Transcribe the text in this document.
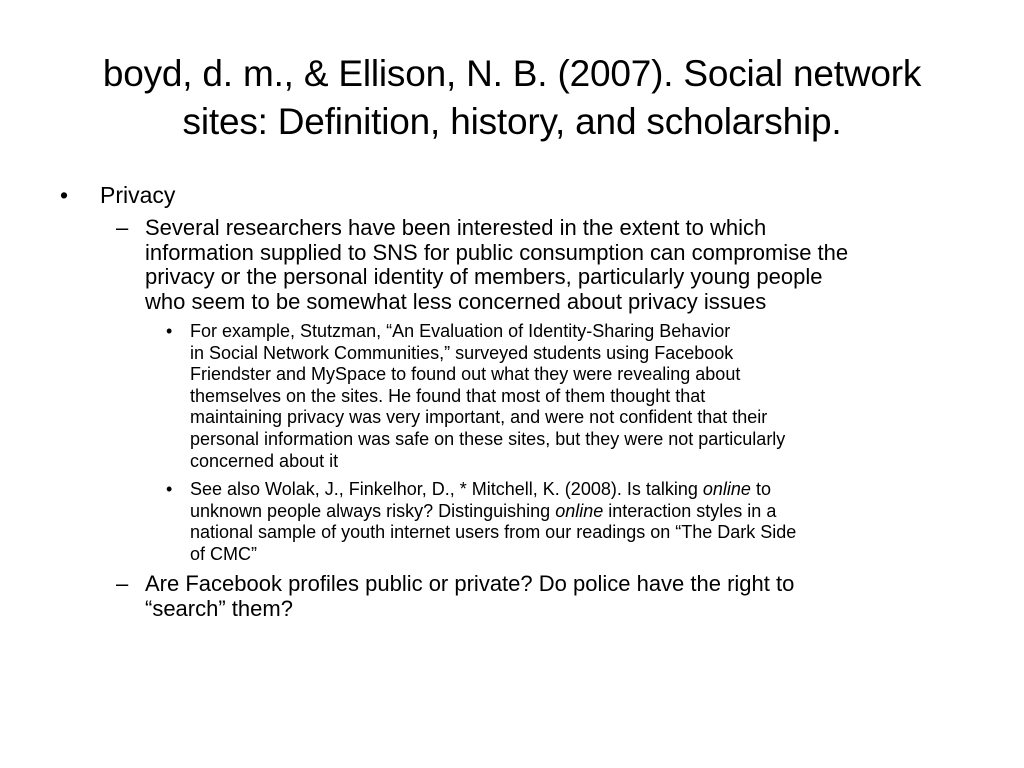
boyd, d. m., & Ellison, N. B. (2007). Social network
sites: Definition, history, and scholarship.
• Privacy
– Several researchers have been interested in the extent to which
information supplied to SNS for public consumption can compromise the
privacy or the personal identity of members, particularly young people
who seem to be somewhat less concerned about privacy issues
• For example, Stutzman, “An Evaluation of Identity-Sharing Behavior
in Social Network Communities,” surveyed students using Facebook
Friendster and MySpace to found out what they were revealing about
themselves on the sites. He found that most of them thought that
maintaining privacy was very important, and were not confident that their
personal information was safe on these sites, but they were not particularly
concerned about it
• See also Wolak, J., Finkelhor, D., * Mitchell, K. (2008). Is talking online to
unknown people always risky? Distinguishing online interaction styles in a
national sample of youth internet users from our readings on “The Dark Side
of CMC”
– Are Facebook profiles public or private? Do police have the right to
“search” them?
